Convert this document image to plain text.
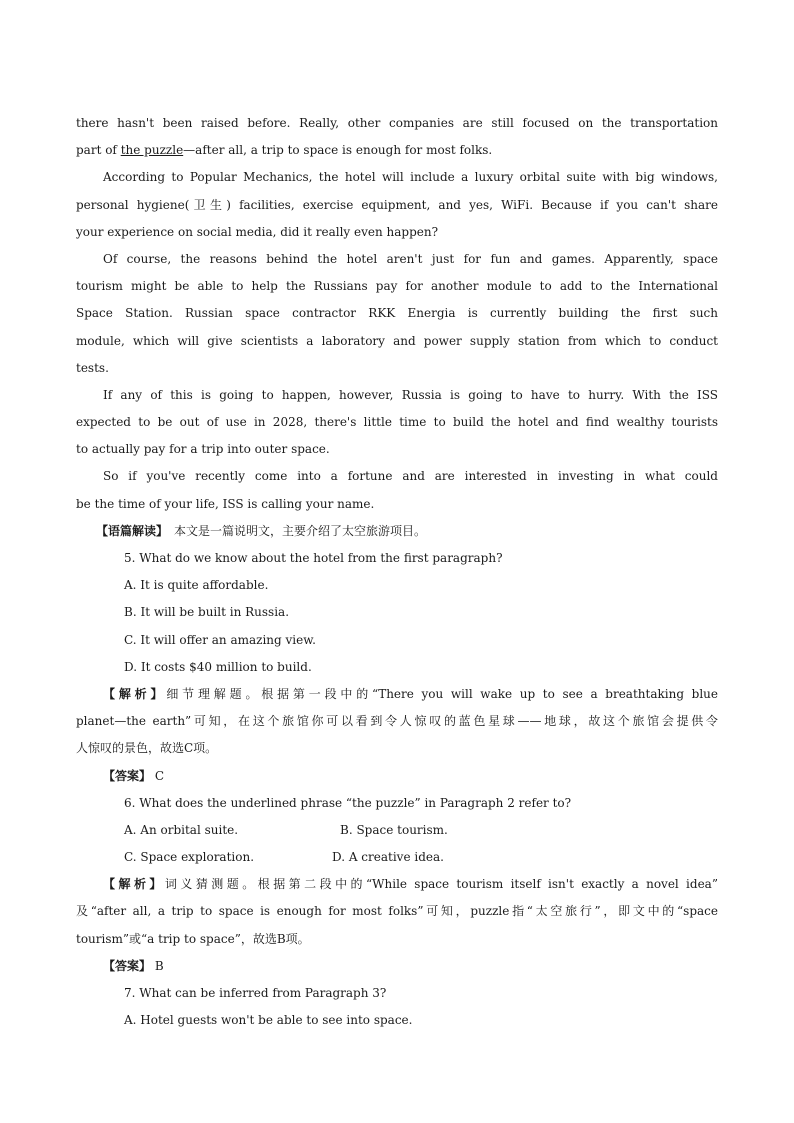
there hasn't been raised before. Really, other companies are still focused on the transportation
part of the puzzle—after all, a trip to space is enough for most folks.
According to Popular Mechanics, the hotel will include a luxury orbital suite with big windows,
personal hygiene(卫生) facilities, exercise equipment, and yes, WiFi. Because if you can't share
your experience on social media, did it really even happen?
Of course, the reasons behind the hotel aren't just for fun and games. Apparently, space
tourism might be able to help the Russians pay for another module to add to the International
Space Station. Russian space contractor RKK Energia is currently building the first such
module, which will give scientists a laboratory and power supply station from which to conduct
tests.
If any of this is going to happen, however, Russia is going to have to hurry. With the ISS
expected to be out of use in 2028, there's little time to build the hotel and find wealthy tourists
to actually pay for a trip into outer space.
So if you've recently come into a fortune and are interested in investing in what could
be the time of your life, ISS is calling your name.
【语篇解读】　本文是一篇说明文，主要介绍了太空旅游项目。
5. What do we know about the hotel from the first paragraph?
A. It is quite affordable.
B. It will be built in Russia.
C. It will offer an amazing view.
D. It costs $40 million to build.
【解析】细节理解题。根据第一段中的“There you will wake up to see a breathtaking blue
planet—the earth”可知，在这个旅馆你可以看到令人惊叹的蓝色星球——地球，故这个旅馆会提供令
人惊叹的景色，故选C项。
【答案】 C
6. What does the underlined phrase “the puzzle” in Paragraph 2 refer to?
A. An orbital suite.	B. Space tourism.
C. Space exploration.	D. A creative idea.
【解析】词义猜测题。根据第二段中的“While space tourism itself isn't exactly a novel idea”
及“after all, a trip to space is enough for most folks”可知，puzzle指“太空旅行”，即文中的“space
tourism”或“a trip to space”，故选B项。
【答案】 B
7. What can be inferred from Paragraph 3?
A. Hotel guests won't be able to see into space.
